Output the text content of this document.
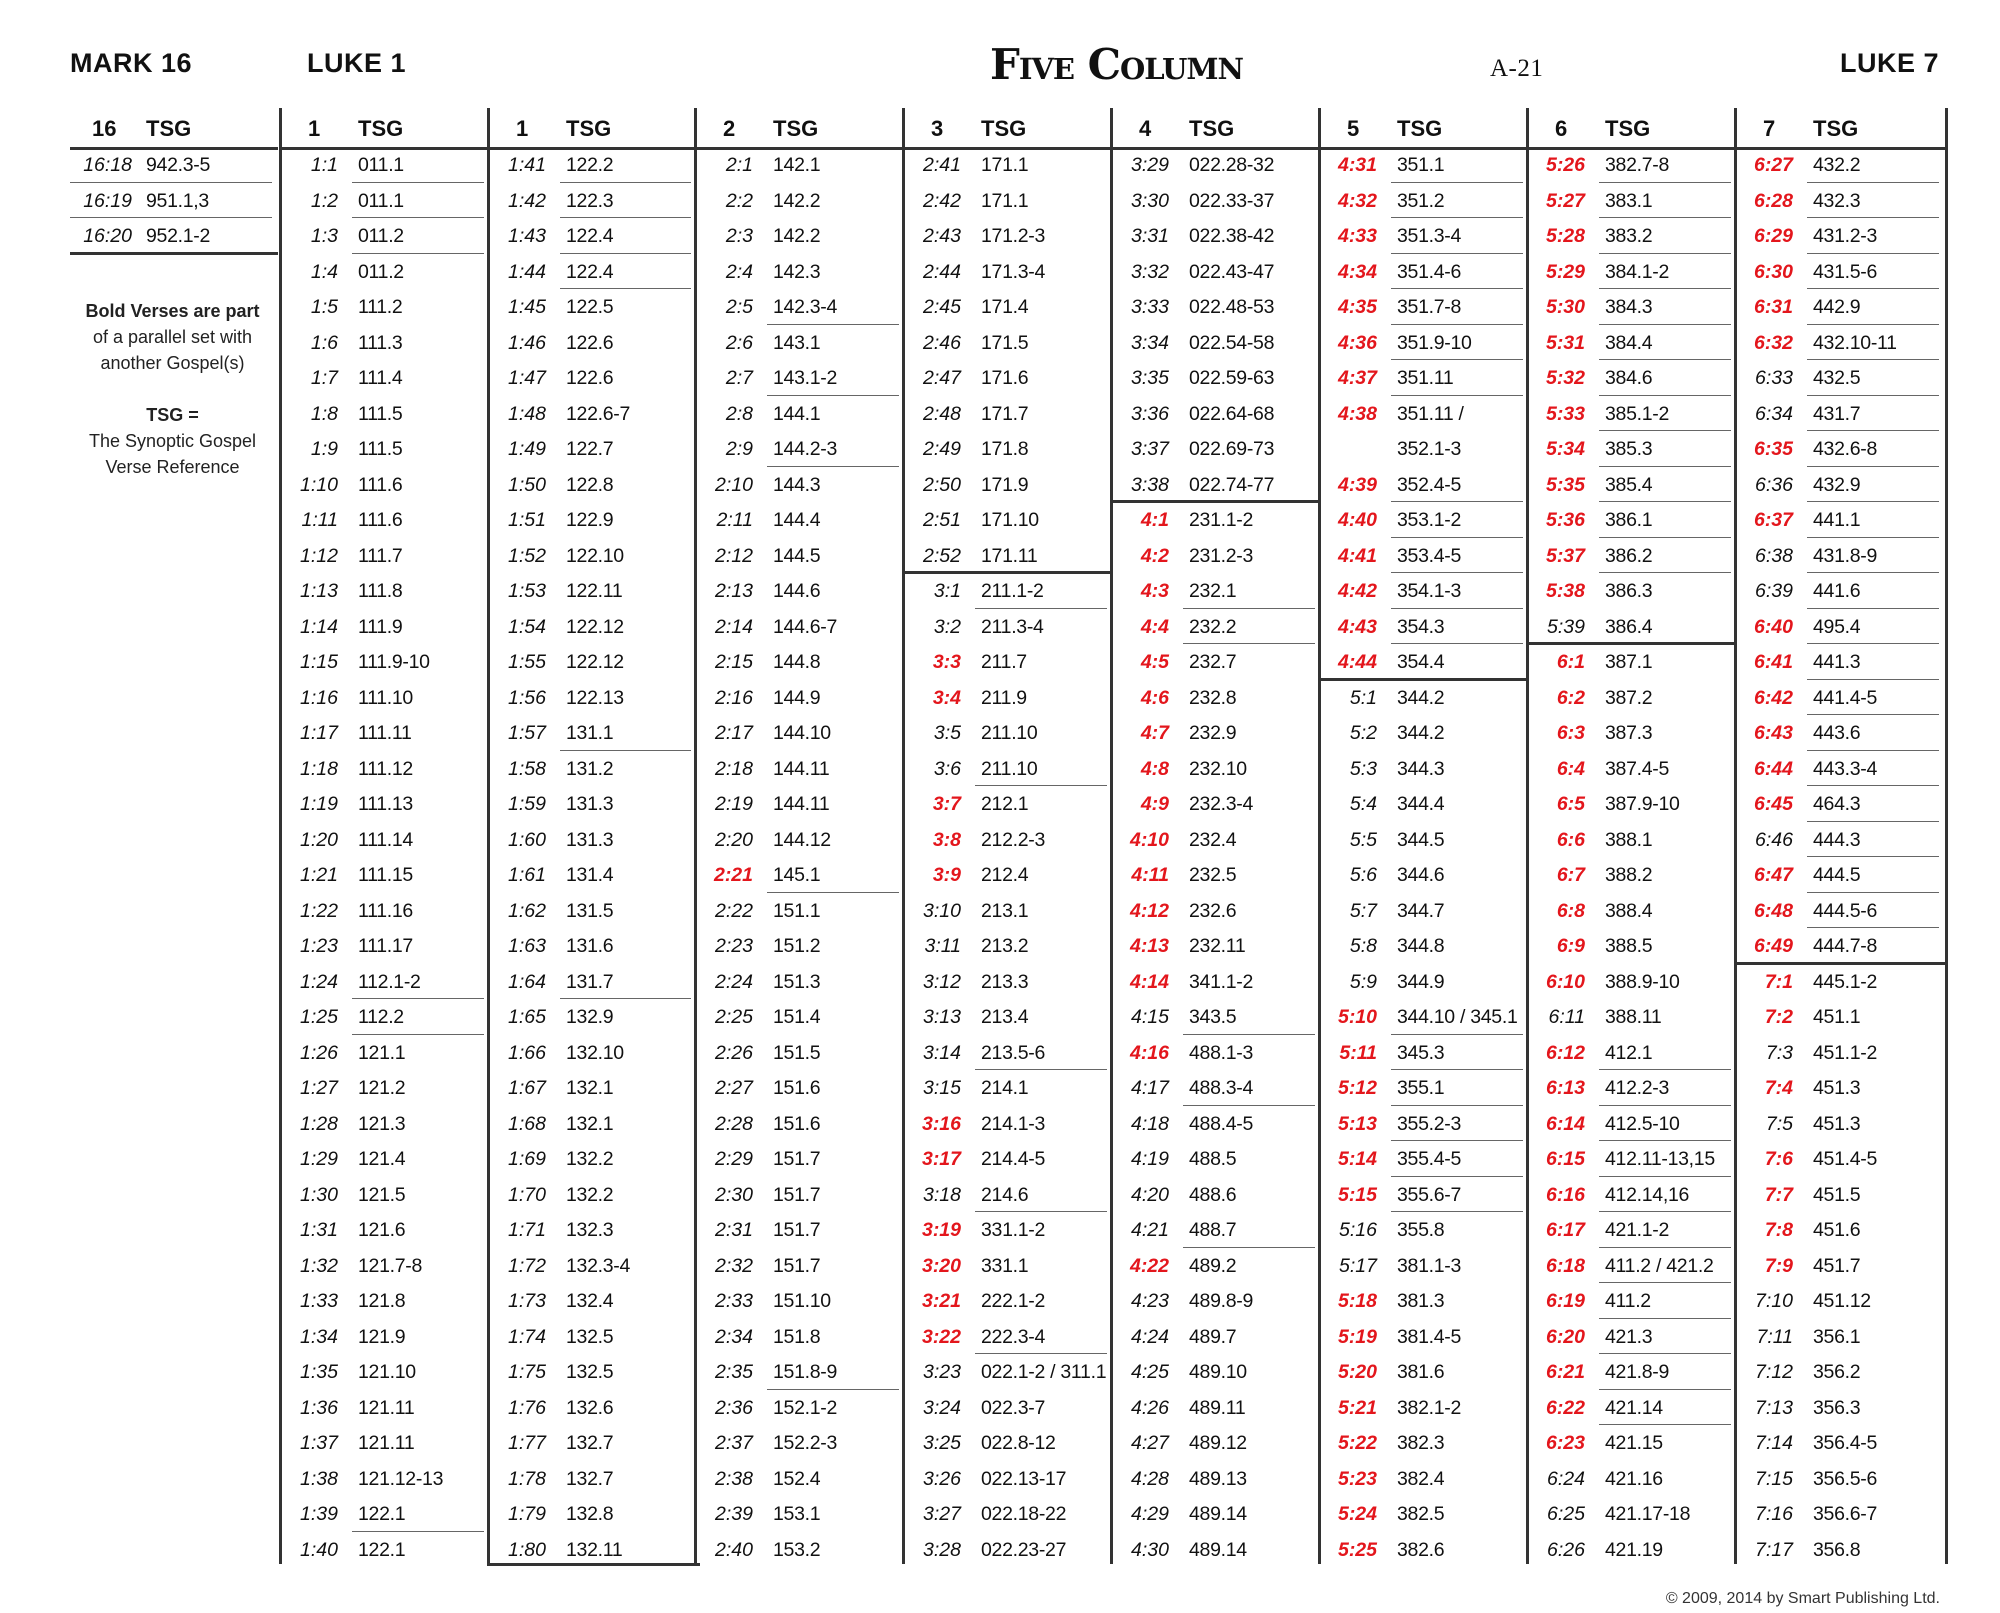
MARK 16	LUKE 1	Five Column	A-21	LUKE 7
16 TSG
16:18 942.3-5
16:19 951.1,3
16:20 952.1-2
1 TSG
1:1 011.1
1:2 011.1
1:3 011.2
1:4 011.2
1:5 111.2
1:6 111.3
1:7 111.4
1:8 111.5
1:9 111.5
1:10 111.6
1:11 111.6
1:12 111.7
1:13 111.8
1:14 111.9
1:15 111.9-10
1:16 111.10
1:17 111.11
1:18 111.12
1:19 111.13
1:20 111.14
1:21 111.15
1:22 111.16
1:23 111.17
1:24 112.1-2
1:25 112.2
1:26 121.1
1:27 121.2
1:28 121.3
1:29 121.4
1:30 121.5
1:31 121.6
1:32 121.7-8
1:33 121.8
1:34 121.9
1:35 121.10
1:36 121.11
1:37 121.11
1:38 121.12-13
1:39 122.1
1:40 122.1
1 TSG
1:41 122.2
1:42 122.3
1:43 122.4
1:44 122.4
1:45 122.5
1:46 122.6
1:47 122.6
1:48 122.6-7
1:49 122.7
1:50 122.8
1:51 122.9
1:52 122.10
1:53 122.11
1:54 122.12
1:55 122.12
1:56 122.13
1:57 131.1
1:58 131.2
1:59 131.3
1:60 131.3
1:61 131.4
1:62 131.5
1:63 131.6
1:64 131.7
1:65 132.9
1:66 132.10
1:67 132.1
1:68 132.1
1:69 132.2
1:70 132.2
1:71 132.3
1:72 132.3-4
1:73 132.4
1:74 132.5
1:75 132.5
1:76 132.6
1:77 132.7
1:78 132.7
1:79 132.8
1:80 132.11
2 TSG
2:1 142.1
2:2 142.2
2:3 142.2
2:4 142.3
2:5 142.3-4
2:6 143.1
2:7 143.1-2
2:8 144.1
2:9 144.2-3
2:10 144.3
2:11 144.4
2:12 144.5
2:13 144.6
2:14 144.6-7
2:15 144.8
2:16 144.9
2:17 144.10
2:18 144.11
2:19 144.11
2:20 144.12
2:21 145.1
2:22 151.1
2:23 151.2
2:24 151.3
2:25 151.4
2:26 151.5
2:27 151.6
2:28 151.6
2:29 151.7
2:30 151.7
2:31 151.7
2:32 151.7
2:33 151.10
2:34 151.8
2:35 151.8-9
2:36 152.1-2
2:37 152.2-3
2:38 152.4
2:39 153.1
2:40 153.2
3 TSG
2:41 171.1
2:42 171.1
2:43 171.2-3
2:44 171.3-4
2:45 171.4
2:46 171.5
2:47 171.6
2:48 171.7
2:49 171.8
2:50 171.9
2:51 171.10
2:52 171.11
3:1 211.1-2
3:2 211.3-4
3:3 211.7
3:4 211.9
3:5 211.10
3:6 211.10
3:7 212.1
3:8 212.2-3
3:9 212.4
3:10 213.1
3:11 213.2
3:12 213.3
3:13 213.4
3:14 213.5-6
3:15 214.1
3:16 214.1-3
3:17 214.4-5
3:18 214.6
3:19 331.1-2
3:20 331.1
3:21 222.1-2
3:22 222.3-4
3:23 022.1-2 / 311.1
3:24 022.3-7
3:25 022.8-12
3:26 022.13-17
3:27 022.18-22
3:28 022.23-27
4 TSG
3:29 022.28-32
3:30 022.33-37
3:31 022.38-42
3:32 022.43-47
3:33 022.48-53
3:34 022.54-58
3:35 022.59-63
3:36 022.64-68
3:37 022.69-73
3:38 022.74-77
4:1 231.1-2
4:2 231.2-3
4:3 232.1
4:4 232.2
4:5 232.7
4:6 232.8
4:7 232.9
4:8 232.10
4:9 232.3-4
4:10 232.4
4:11 232.5
4:12 232.6
4:13 232.11
4:14 341.1-2
4:15 343.5
4:16 488.1-3
4:17 488.3-4
4:18 488.4-5
4:19 488.5
4:20 488.6
4:21 488.7
4:22 489.2
4:23 489.8-9
4:24 489.7
4:25 489.10
4:26 489.11
4:27 489.12
4:28 489.13
4:29 489.14
4:30 489.14
5 TSG
4:31 351.1
4:32 351.2
4:33 351.3-4
4:34 351.4-6
4:35 351.7-8
4:36 351.9-10
4:37 351.11
4:38 351.11 /
352.1-3
4:39 352.4-5
4:40 353.1-2
4:41 353.4-5
4:42 354.1-3
4:43 354.3
4:44 354.4
5:1 344.2
5:2 344.2
5:3 344.3
5:4 344.4
5:5 344.5
5:6 344.6
5:7 344.7
5:8 344.8
5:9 344.9
5:10 344.10 / 345.1
5:11 345.3
5:12 355.1
5:13 355.2-3
5:14 355.4-5
5:15 355.6-7
5:16 355.8
5:17 381.1-3
5:18 381.3
5:19 381.4-5
5:20 381.6
5:21 382.1-2
5:22 382.3
5:23 382.4
5:24 382.5
5:25 382.6
6 TSG
5:26 382.7-8
5:27 383.1
5:28 383.2
5:29 384.1-2
5:30 384.3
5:31 384.4
5:32 384.6
5:33 385.1-2
5:34 385.3
5:35 385.4
5:36 386.1
5:37 386.2
5:38 386.3
5:39 386.4
6:1 387.1
6:2 387.2
6:3 387.3
6:4 387.4-5
6:5 387.9-10
6:6 388.1
6:7 388.2
6:8 388.4
6:9 388.5
6:10 388.9-10
6:11 388.11
6:12 412.1
6:13 412.2-3
6:14 412.5-10
6:15 412.11-13,15
6:16 412.14,16
6:17 421.1-2
6:18 411.2 / 421.2
6:19 411.2
6:20 421.3
6:21 421.8-9
6:22 421.14
6:23 421.15
6:24 421.16
6:25 421.17-18
6:26 421.19
7 TSG
6:27 432.2
6:28 432.3
6:29 431.2-3
6:30 431.5-6
6:31 442.9
6:32 432.10-11
6:33 432.5
6:34 431.7
6:35 432.6-8
6:36 432.9
6:37 441.1
6:38 431.8-9
6:39 441.6
6:40 495.4
6:41 441.3
6:42 441.4-5
6:43 443.6
6:44 443.3-4
6:45 464.3
6:46 444.3
6:47 444.5
6:48 444.5-6
6:49 444.7-8
7:1 445.1-2
7:2 451.1
7:3 451.1-2
7:4 451.3
7:5 451.3
7:6 451.4-5
7:7 451.5
7:8 451.6
7:9 451.7
7:10 451.12
7:11 356.1
7:12 356.2
7:13 356.3
7:14 356.4-5
7:15 356.5-6
7:16 356.6-7
7:17 356.8
Bold Verses are part
of a parallel set with
another Gospel(s)
TSG =
The Synoptic Gospel
Verse Reference
© 2009, 2014 by Smart Publishing Ltd.
